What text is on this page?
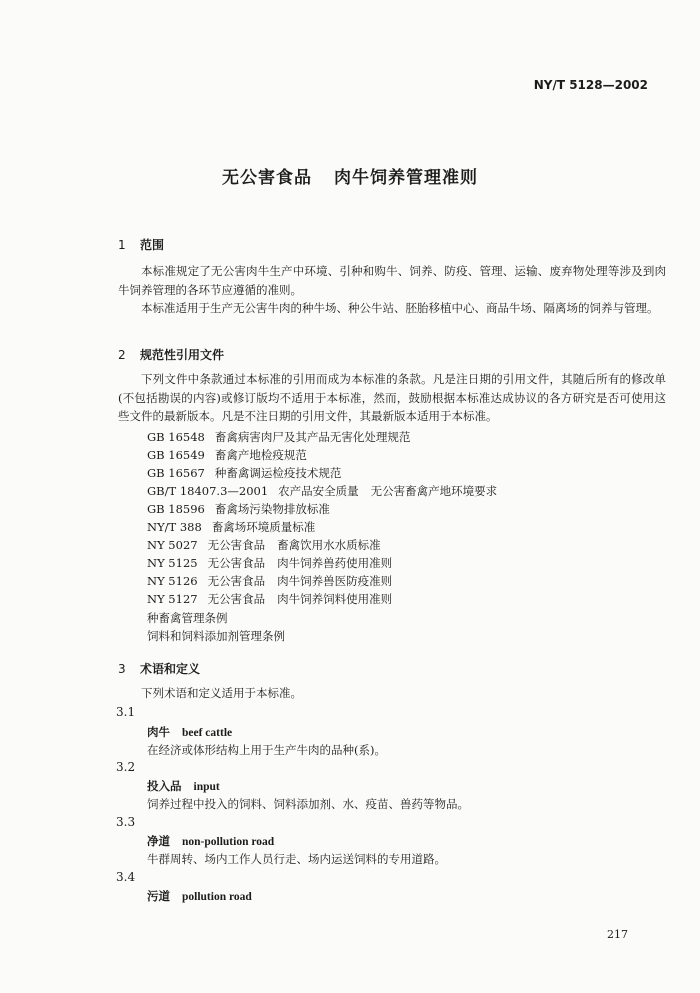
NY/T 5128—2002
无公害食品 肉牛饲养管理准则
1 范围
本标准规定了无公害肉牛生产中环境、引种和购牛、饲养、防疫、管理、运输、废弃物处理等涉及到肉牛饲养管理的各环节应遵循的准则。
本标准适用于生产无公害牛肉的种牛场、种公牛站、胚胎移植中心、商品牛场、隔离场的饲养与管理。
2 规范性引用文件
下列文件中条款通过本标准的引用而成为本标准的条款。凡是注日期的引用文件，其随后所有的修改单(不包括勘误的内容)或修订版均不适用于本标准，然而，鼓励根据本标准达成协议的各方研究是否可使用这些文件的最新版本。凡是不注日期的引用文件，其最新版本适用于本标准。
GB 16548 畜禽病害肉尸及其产品无害化处理规范
GB 16549 畜禽产地检疫规范
GB 16567 种畜禽调运检疫技术规范
GB/T 18407.3—2001 农产品安全质量 无公害畜禽产地环境要求
GB 18596 畜禽场污染物排放标准
NY/T 388 畜禽场环境质量标准
NY 5027 无公害食品 畜禽饮用水水质标准
NY 5125 无公害食品 肉牛饲养兽药使用准则
NY 5126 无公害食品 肉牛饲养兽医防疫准则
NY 5127 无公害食品 肉牛饲养饲料使用准则
种畜禽管理条例
饲料和饲料添加剂管理条例
3 术语和定义
下列术语和定义适用于本标准。
3.1
肉牛 beef cattle
在经济或体形结构上用于生产牛肉的品种(系)。
3.2
投入品 input
饲养过程中投入的饲料、饲料添加剂、水、疫苗、兽药等物品。
3.3
净道 non-pollution road
牛群周转、场内工作人员行走、场内运送饲料的专用道路。
3.4
污道 pollution road
217
